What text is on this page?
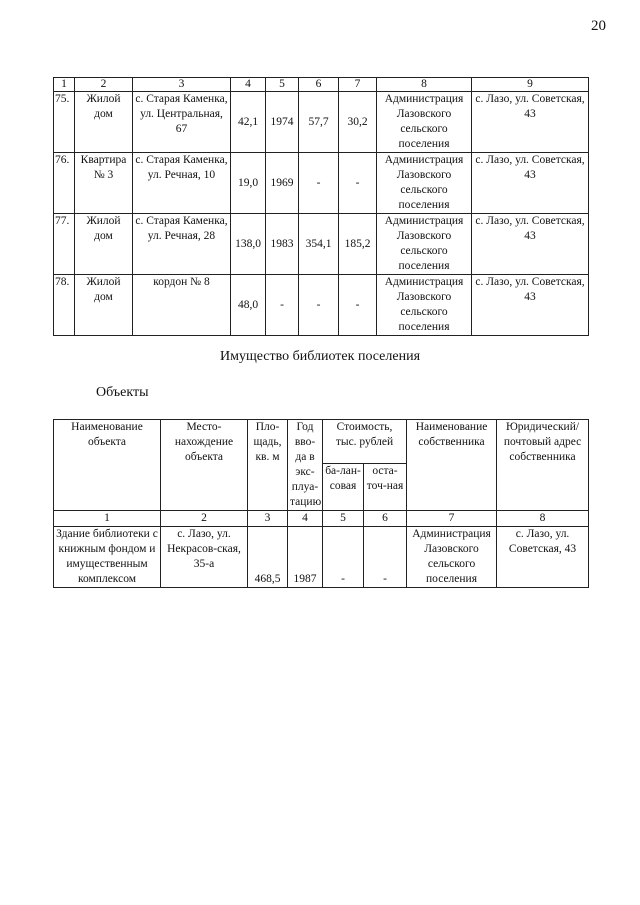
20
1	2	3	4	5	6	7	8	9
75.	Жилой дом	с. Старая Каменка, ул. Центральная, 67	42,1	1974	57,7	30,2	Администрация Лазовского сельского поселения	с. Лазо, ул. Советская, 43
76.	Квартира № 3	с. Старая Каменка, ул. Речная, 10	19,0	1969	-	-	Администрация Лазовского сельского поселения	с. Лазо, ул. Советская, 43
77.	Жилой дом	с. Старая Каменка, ул. Речная, 28	138,0	1983	354,1	185,2	Администрация Лазовского сельского поселения	с. Лазо, ул. Советская, 43
78.	Жилой дом	кордон № 8	48,0	-	-	-	Администрация Лазовского сельского поселения	с. Лазо, ул. Советская, 43
Имущество библиотек поселения
Объекты
Наименование объекта	Место-нахождение объекта	Пло-щадь, кв. м	Год вво-да в экс-плуа-тацию	Стоимость, тыс. рублей		Наименование собственника	Юридический/ почтовый адрес собственника
				ба-лан-совая	оста-точ-ная		
1	2	3	4	5	6	7	8
Здание библиотеки с книжным фондом и имущественным комплексом	с. Лазо, ул. Некрасов-ская, 35-а	468,5	1987	-	-	Администрация Лазовского сельского поселения	с. Лазо, ул. Советская, 43
